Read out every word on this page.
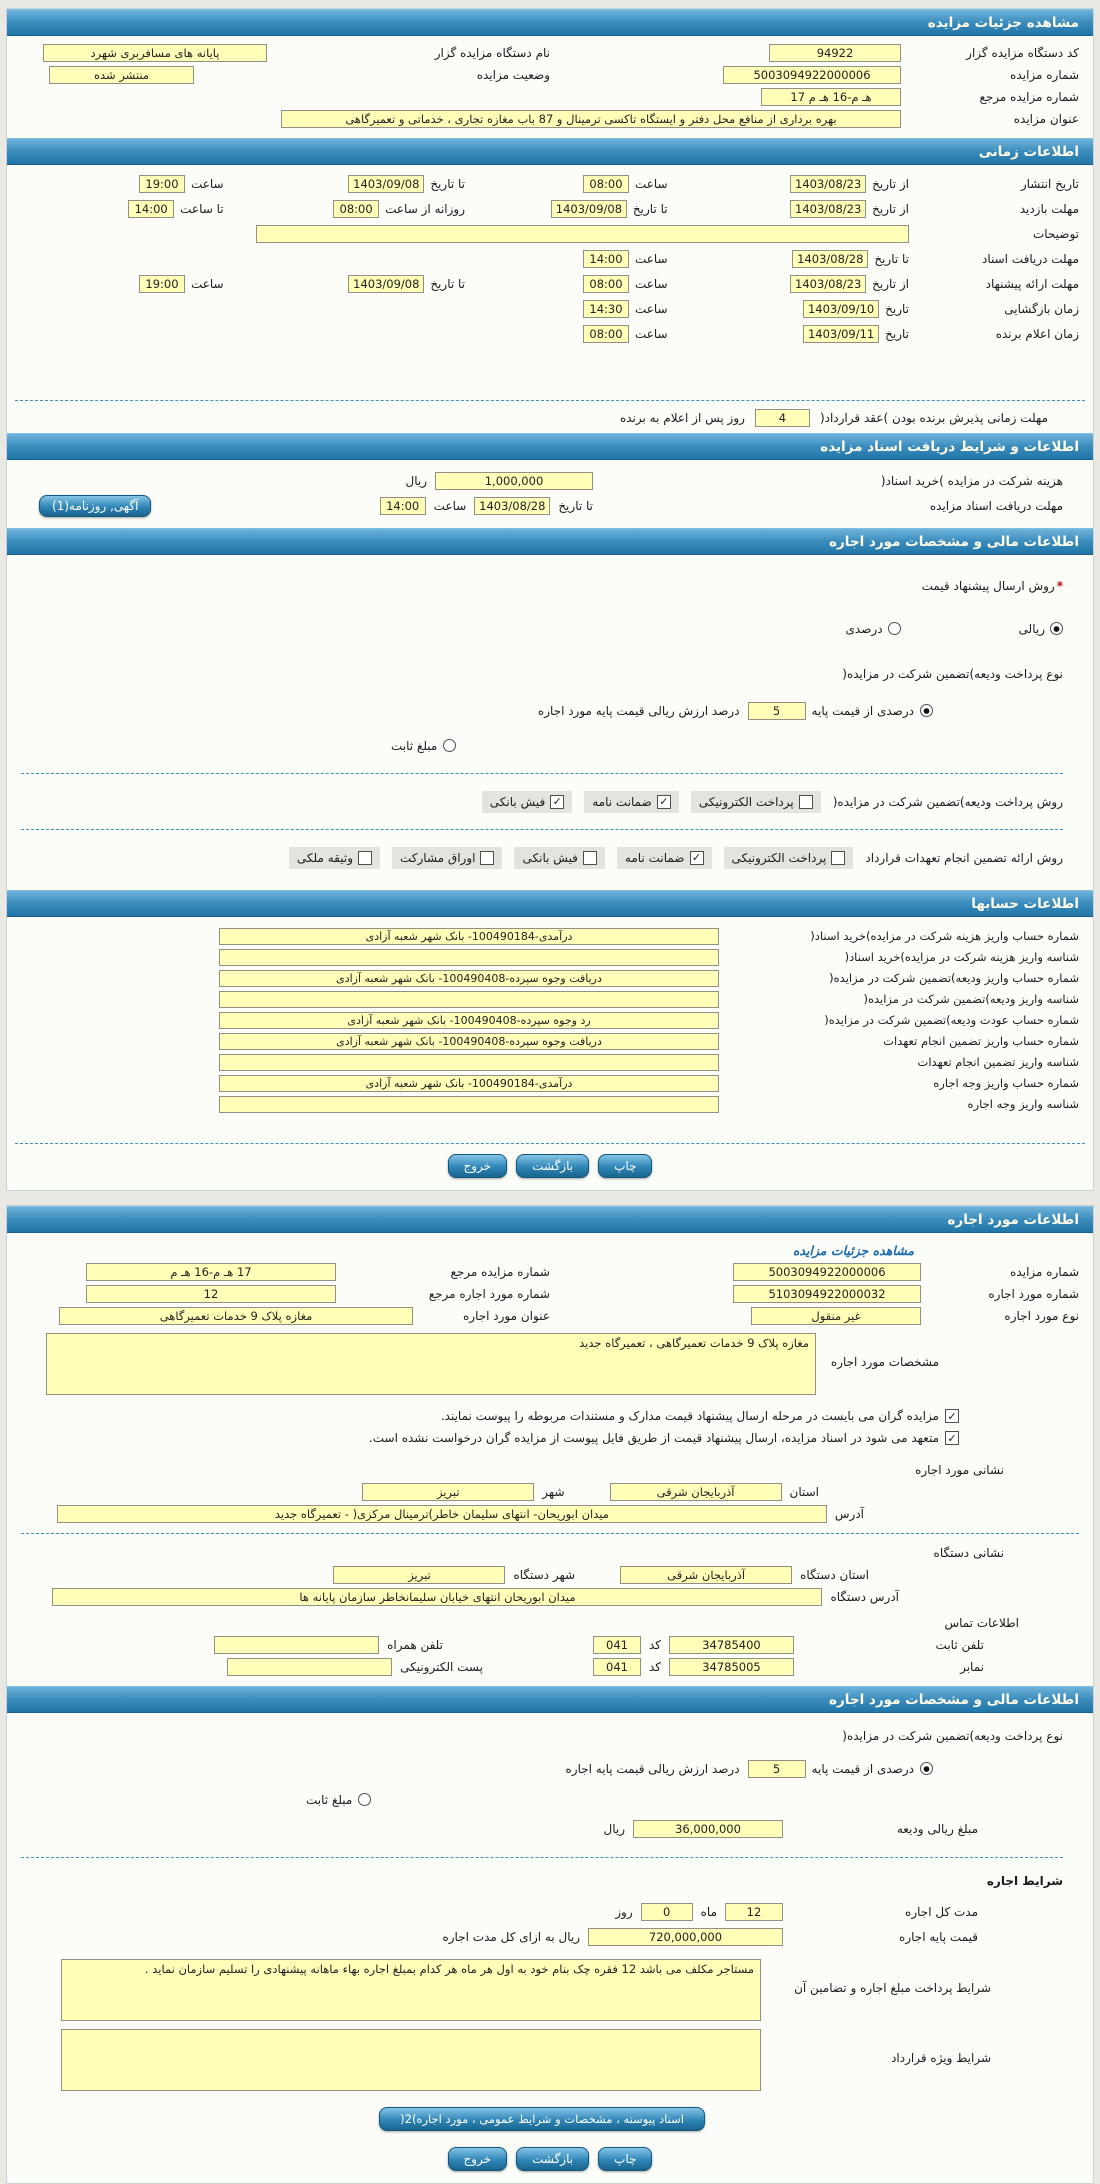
مشاهده جزئیات مزایده
کد دستگاه مزایده گزار
94922
نام دستگاه مزایده گزار
پایانه های مسافربری شهرد
شماره مزایده
5003094922000006
وضعیت مزایده
منتشر شده
شماره مزایده مرجع
هـ م-16 هـ م 17
عنوان مزایده
بهره برداری از منافع محل دفتر و ایستگاه تاکسی ترمینال و 87 باب مغازه تجاری ، خدماتی و تعمیرگاهی
اطلاعات زمانی
تاریخ انتشار
از تاریخ
1403/08/23
ساعت
08:00
تا تاریخ
1403/09/08
ساعت
19:00
مهلت بازدید
از تاریخ
1403/08/23
تا تاریخ
1403/09/08
روزانه از ساعت
08:00
تا ساعت
14:00
توضیحات
مهلت دریافت اسناد
تا تاریخ
1403/08/28
ساعت
14:00
مهلت ارائه پیشنهاد
از تاریخ
1403/08/23
ساعت
08:00
تا تاریخ
1403/09/08
ساعت
19:00
زمان بازگشایی
تاریخ
1403/09/10
ساعت
14:30
زمان اعلام برنده
تاریخ
1403/09/11
ساعت
08:00
مهلت زمانی پذیرش برنده بودن )عقد قرارداد(
4
روز پس از اعلام به برنده
اطلاعات و شرایط دریافت اسناد مزایده
هزینه شرکت در مزایده )خرید اسناد(
1,000,000
ریال
مهلت دریافت اسناد مزایده
تا تاریخ
1403/08/28
ساعت
14:00
آگهی, روزنامه(1)
اطلاعات مالی و مشخصات مورد اجاره
*
روش ارسال پیشنهاد قیمت
●
ریالی
درصدی
نوع پرداخت ودیعه)تضمین شرکت در مزایده(
●
درصدی از قیمت پایه
5
درصد ارزش ریالی قیمت پایه مورد اجاره
مبلغ ثابت
روش پرداخت ودیعه)تضمین شرکت در مزایده(
پرداخت الکترونیکی
✓
ضمانت نامه
✓
فیش بانکی
روش ارائه تضمین انجام تعهدات قرارداد
پرداخت الکترونیکی
✓
ضمانت نامه
فیش بانکی
اوراق مشارکت
وثیقه ملکی
اطلاعات حسابها
شماره حساب واریز هزینه شرکت در مزایده)خرید اسناد(
درآمدی-100490184- بانک شهر شعبه آزادی
شناسه واریز هزینه شرکت در مزایده)خرید اسناد(
شماره حساب واریز ودیعه)تضمین شرکت در مزایده(
دریافت وجوه سپرده-100490408- بانک شهر شعبه آزادی
شناسه واریز ودیعه)تضمین شرکت در مزایده(
شماره حساب عودت ودیعه)تضمین شرکت در مزایده(
رد وجوه سپرده-100490408- بانک شهر شعبه آزادی
شماره حساب واریز تضمین انجام تعهدات
دریافت وجوه سپرده-100490408- بانک شهر شعبه آزادی
شناسه واریز تضمین انجام تعهدات
شماره حساب واریز وجه اجاره
درآمدی-100490184- بانک شهر شعبه آزادی
شناسه واریز وجه اجاره
چاپ
بازگشت
خروج
اطلاعات مورد اجاره
مشاهده جزئیات مزایده
شماره مزایده
5003094922000006
شماره مزایده مرجع
17 هـ م-16 هـ م
شماره مورد اجاره
5103094922000032
شماره مورد اجاره مرجع
12
نوع مورد اجاره
غیر منقول
عنوان مورد اجاره
مغازه پلاک 9 خدمات تعمیرگاهی
مشخصات مورد اجاره
مغازه پلاک 9 خدمات تعمیرگاهی ، تعمیرگاه جدید
✓
مزایده گران می بایست در مرحله ارسال پیشنهاد قیمت مدارک و مستندات مربوطه را پیوست نمایند.
✓
متعهد می شود در اسناد مزایده، ارسال پیشنهاد قیمت از طریق فایل پیوست از مزایده گران درخواست نشده است.
نشانی مورد اجاره
استان
آذربایجان شرقی
شهر
تبریز
آدرس
میدان ابوریحان- انتهای سلیمان خاطر)ترمینال مرکزی( - تعمیرگاه جدید
نشانی دستگاه
استان دستگاه
آذربایجان شرقی
شهر دستگاه
تبریز
آدرس دستگاه
میدان ابوریحان انتهای خیابان سلیمانخاطر سازمان پایانه ها
اطلاعات تماس
تلفن ثابت
34785400
کد
041
تلفن همراه
نمابر
34785005
کد
041
پست الکترونیکی
اطلاعات مالی و مشخصات مورد اجاره
نوع پرداخت ودیعه)تضمین شرکت در مزایده(
●
درصدی از قیمت پایه
5
درصد ارزش ریالی قیمت پایه اجاره
مبلغ ثابت
مبلغ ریالی ودیعه
36,000,000
ریال
شرایط اجاره
مدت کل اجاره
12
ماه
0
روز
قیمت پایه اجاره
720,000,000
ریال به ازای کل مدت اجاره
شرایط پرداخت مبلغ اجاره و تضامین آن
مستاجر مکلف می باشد 12 فقره چک بنام خود به اول هر ماه هر کدام بمبلغ اجاره بهاء ماهانه پیشنهادی را تسلیم سازمان نماید .
شرایط ویژه قرارداد
اسناد پیوسته ، مشخصات و شرایط عمومی ، مورد اجاره)2(
چاپ
بازگشت
خروج
